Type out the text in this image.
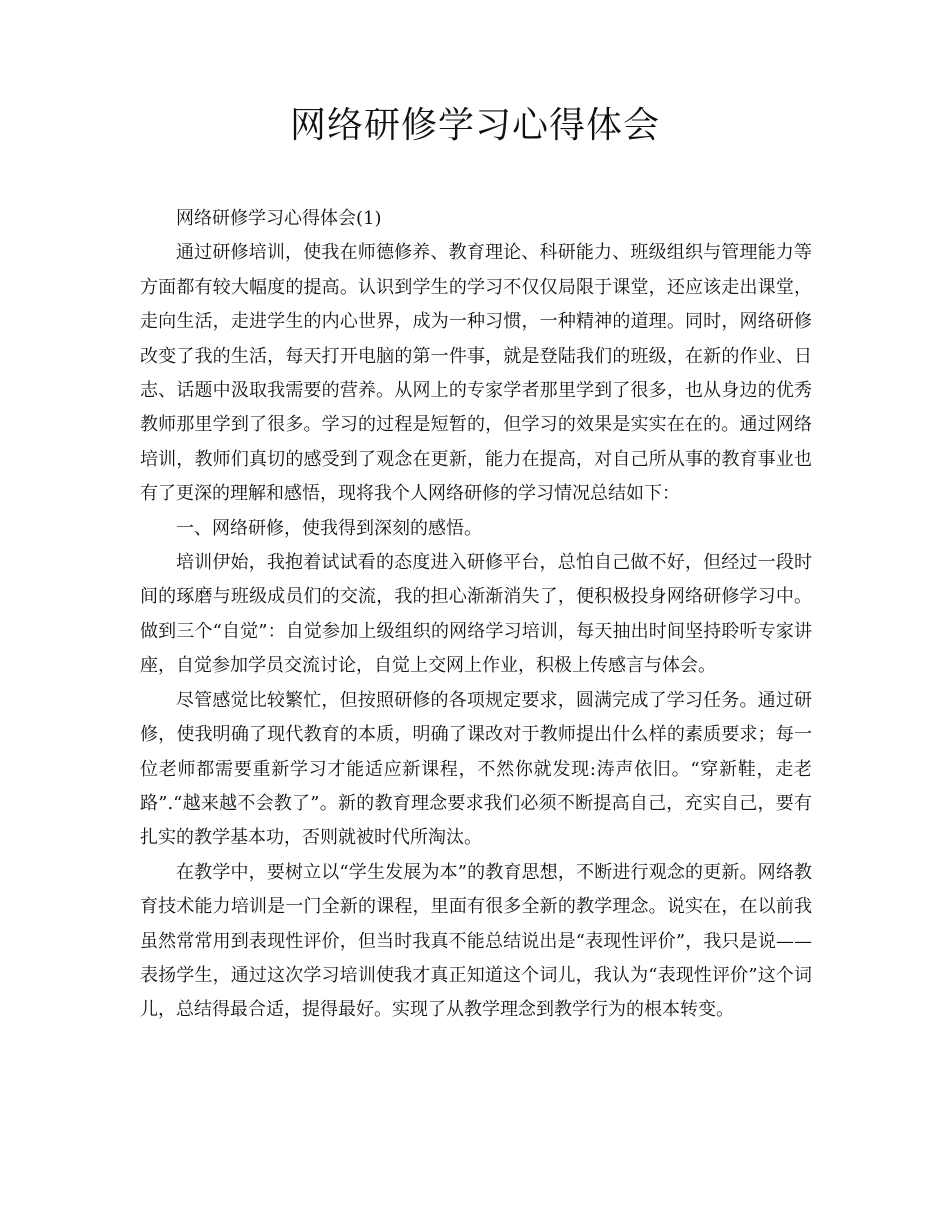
网络研修学习心得体会

网络研修学习心得体会(1)

通过研修培训，使我在师德修养、教育理论、科研能力、班级组织与管理能力等方面都有较大幅度的提高。认识到学生的学习不仅仅局限于课堂，还应该走出课堂，走向生活，走进学生的内心世界，成为一种习惯，一种精神的道理。同时，网络研修改变了我的生活，每天打开电脑的第一件事，就是登陆我们的班级，在新的作业、日志、话题中汲取我需要的营养。从网上的专家学者那里学到了很多，也从身边的优秀教师那里学到了很多。学习的过程是短暂的，但学习的效果是实实在在的。通过网络培训，教师们真切的感受到了观念在更新，能力在提高，对自己所从事的教育事业也有了更深的理解和感悟，现将我个人网络研修的学习情况总结如下：

一、网络研修，使我得到深刻的感悟。

培训伊始，我抱着试试看的态度进入研修平台，总怕自己做不好，但经过一段时间的琢磨与班级成员们的交流，我的担心渐渐消失了，便积极投身网络研修学习中。做到三个“自觉”：自觉参加上级组织的网络学习培训，每天抽出时间坚持聆听专家讲座，自觉参加学员交流讨论，自觉上交网上作业，积极上传感言与体会。

尽管感觉比较繁忙，但按照研修的各项规定要求，圆满完成了学习任务。通过研修，使我明确了现代教育的本质，明确了课改对于教师提出什么样的素质要求；每一位老师都需要重新学习才能适应新课程，不然你就发现:涛声依旧。“穿新鞋，走老路”.“越来越不会教了”。新的教育理念要求我们必须不断提高自己，充实自己，要有扎实的教学基本功，否则就被时代所淘汰。

在教学中，要树立以“学生发展为本”的教育思想，不断进行观念的更新。网络教育技术能力培训是一门全新的课程，里面有很多全新的教学理念。说实在，在以前我虽然常常用到表现性评价，但当时我真不能总结说出是“表现性评价”，我只是说——表扬学生，通过这次学习培训使我才真正知道这个词儿，我认为“表现性评价”这个词儿，总结得最合适，提得最好。实现了从教学理念到教学行为的根本转变。
